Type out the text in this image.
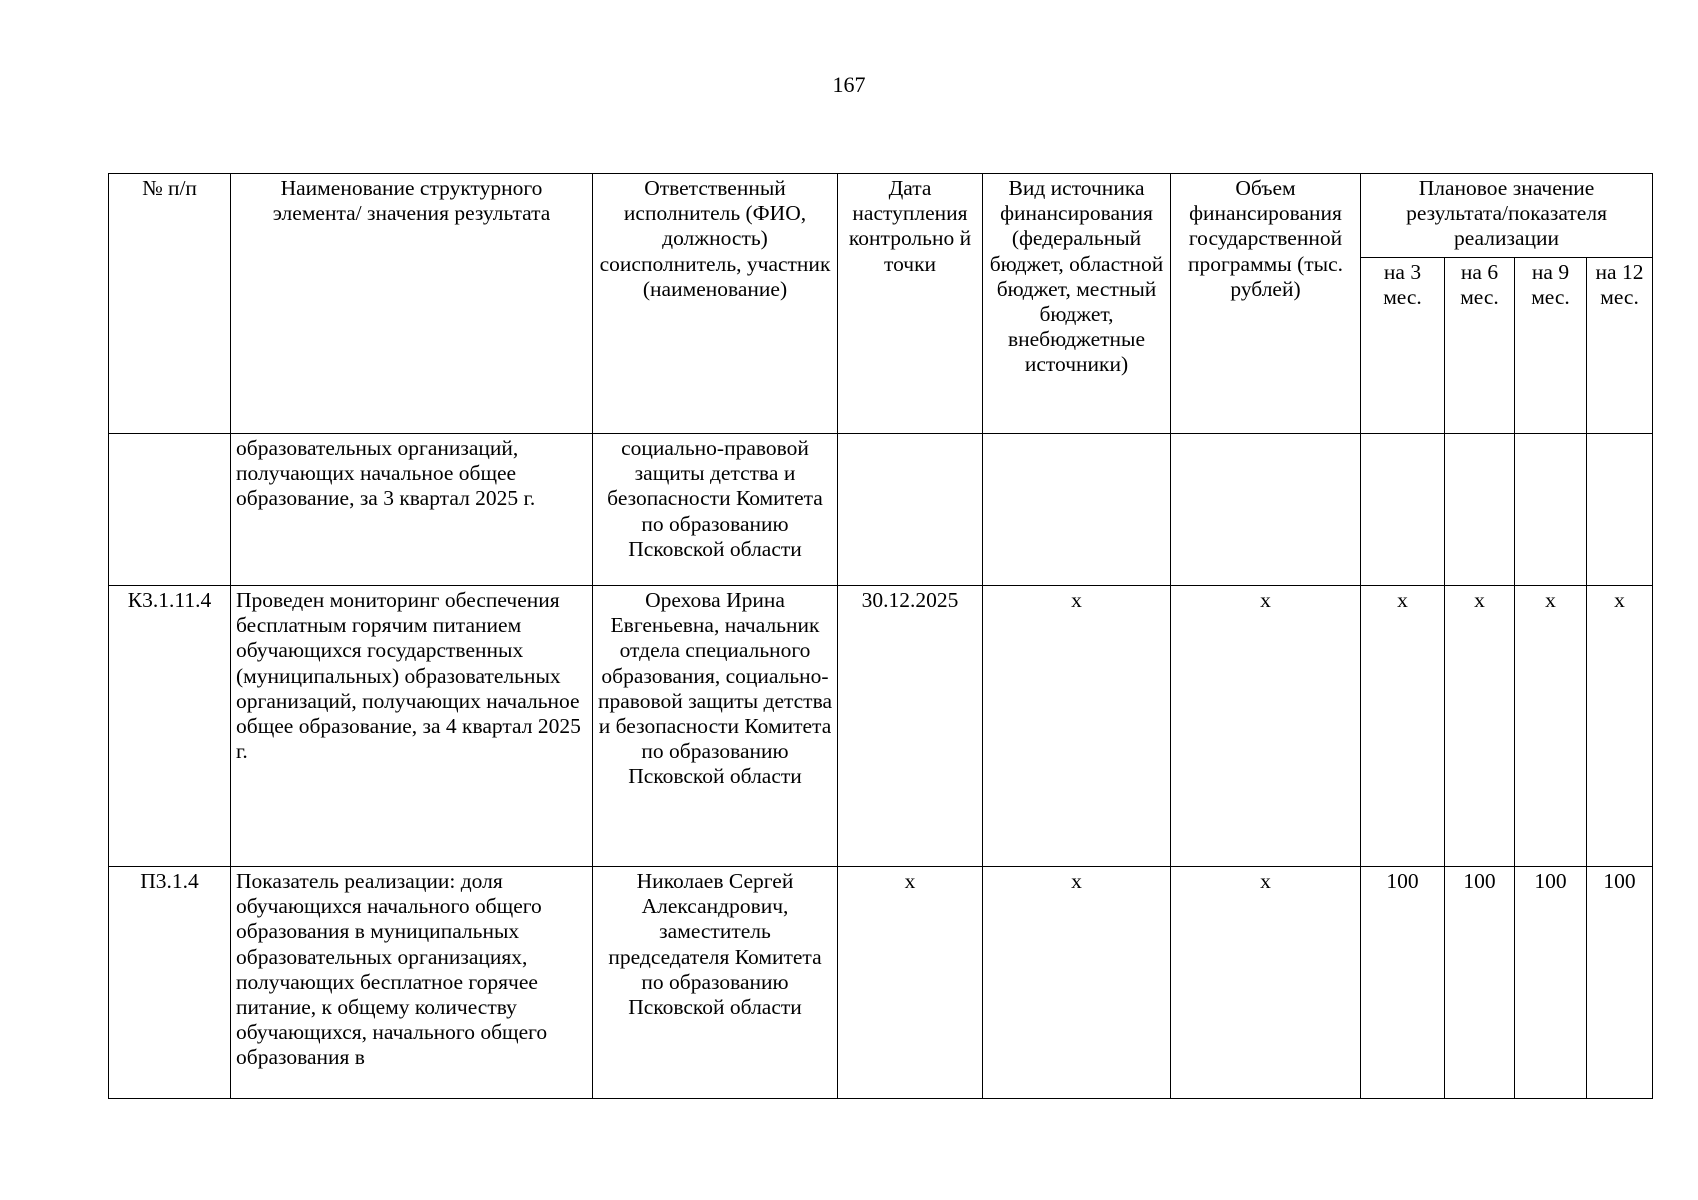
167
№ п/п	Наименование структурного элемента/ значения результата	Ответственный исполнитель (ФИО, должность) соисполнитель, участник (наименование)	Дата наступления контрольно й точки	Вид источника финансирования (федеральный бюджет, областной бюджет, местный бюджет, внебюджетные источники)	Объем финансирования государственной программы (тыс. рублей)	Плановое значение результата/показателя реализации			
						на 3 мес.	на 6 мес.	на 9 мес.	на 12 мес.
	образовательных организаций, получающих начальное общее образование, за 3 квартал 2025 г.	социально-правовой защиты детства и безопасности Комитета по образованию Псковской области							
К3.1.11.4	Проведен мониторинг обеспечения бесплатным горячим питанием обучающихся государственных (муниципальных) образовательных организаций, получающих начальное общее образование, за 4 квартал 2025 г.	Орехова Ирина Евгеньевна, начальник отдела специального образования, социально-правовой защиты детства и безопасности Комитета по образованию Псковской области	30.12.2025	х	х	х	х	х	х
П3.1.4	Показатель реализации: доля обучающихся начального общего образования в муниципальных образовательных организациях, получающих бесплатное горячее питание, к общему количеству обучающихся, начального общего образования в	Николаев Сергей Александрович, заместитель председателя Комитета по образованию Псковской области	х	х	х	100	100	100	100
